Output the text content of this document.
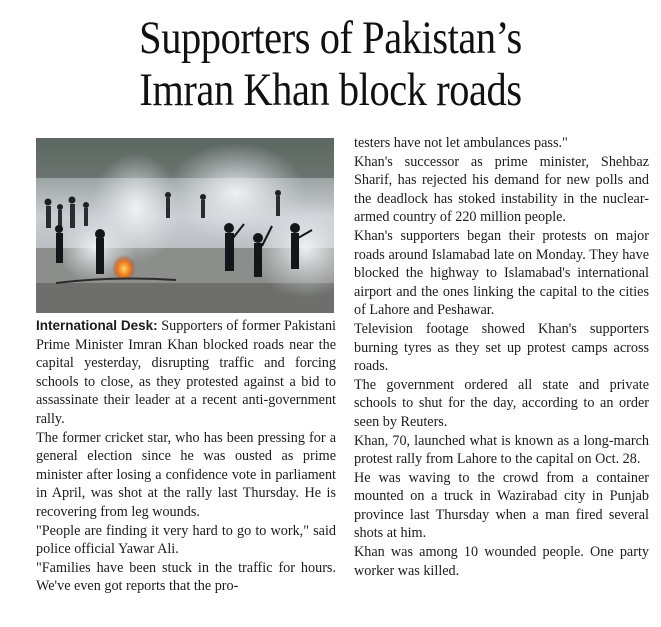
Supporters of Pakistan’s
Imran Khan block roads

International Desk: Supporters of former Pakistani Prime Minister Imran Khan blocked roads near the capital yesterday, disrupting traffic and forcing schools to close, as they protested against a bid to assassinate their leader at a recent anti-government rally.

The former cricket star, who has been pressing for a general election since he was ousted as prime minister after losing a confidence vote in parliament in April, was shot at the rally last Thursday. He is recovering from leg wounds.

"People are finding it very hard to go to work," said police official Yawar Ali.

"Families have been stuck in the traffic for hours. We've even got reports that the pro-

testers have not let ambulances pass."

Khan's successor as prime minister, Shehbaz Sharif, has rejected his demand for new polls and the deadlock has stoked instability in the nuclear-armed country of 220 million people.

Khan's supporters began their protests on major roads around Islamabad late on Monday. They have blocked the highway to Islamabad's international airport and the ones linking the capital to the cities of Lahore and Peshawar.

Television footage showed Khan's supporters burning tyres as they set up protest camps across roads.

The government ordered all state and private schools to shut for the day, according to an order seen by Reuters.

Khan, 70, launched what is known as a long-march protest rally from Lahore to the capital on Oct. 28.

He was waving to the crowd from a container mounted on a truck in Wazirabad city in Punjab province last Thursday when a man fired several shots at him.

Khan was among 10 wounded people. One party worker was killed.
